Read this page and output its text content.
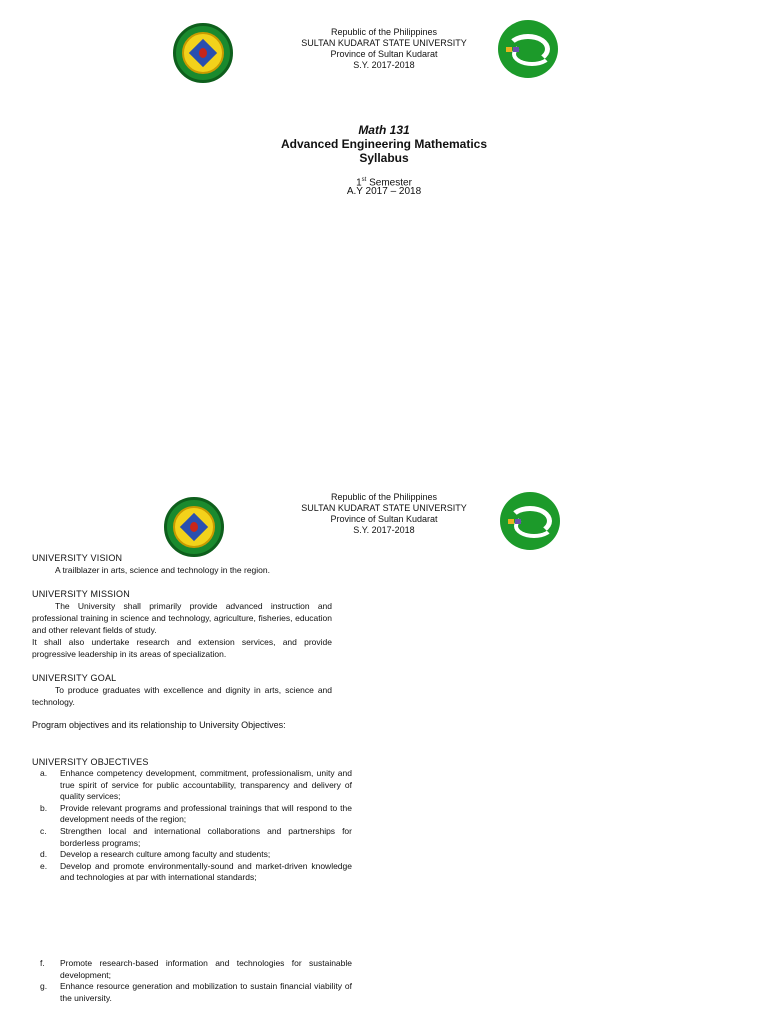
Republic of the Philippines
SULTAN KUDARAT STATE UNIVERSITY
Province of Sultan Kudarat
S.Y. 2017-2018
Math 131
Advanced Engineering Mathematics
Syllabus
1st Semester
A.Y 2017 – 2018
Republic of the Philippines
SULTAN KUDARAT STATE UNIVERSITY
Province of Sultan Kudarat
S.Y. 2017-2018
UNIVERSITY VISION
A trailblazer in arts, science and technology in the region.
UNIVERSITY MISSION
The University shall primarily provide advanced instruction and professional training in science and technology, agriculture, fisheries, education and other relevant fields of study.
It shall also undertake research and extension services, and provide progressive leadership in its areas of specialization.
UNIVERSITY GOAL
To produce graduates with excellence and dignity in arts, science and technology.
Program objectives and its relationship to University Objectives:
UNIVERSITY OBJECTIVES
a.	Enhance competency development, commitment, professionalism, unity and true spirit of service for public accountability, transparency and delivery of quality services;
b.	Provide relevant programs and professional trainings that will respond to the development needs of the region;
c.	Strengthen local and international collaborations and partnerships for borderless programs;
d.	Develop a research culture among faculty and students;
e.	Develop and promote environmentally-sound and market-driven knowledge and technologies at par with international standards;
f.	Promote research-based information and technologies for sustainable development;
g.	Enhance resource generation and mobilization to sustain financial viability of the university.
